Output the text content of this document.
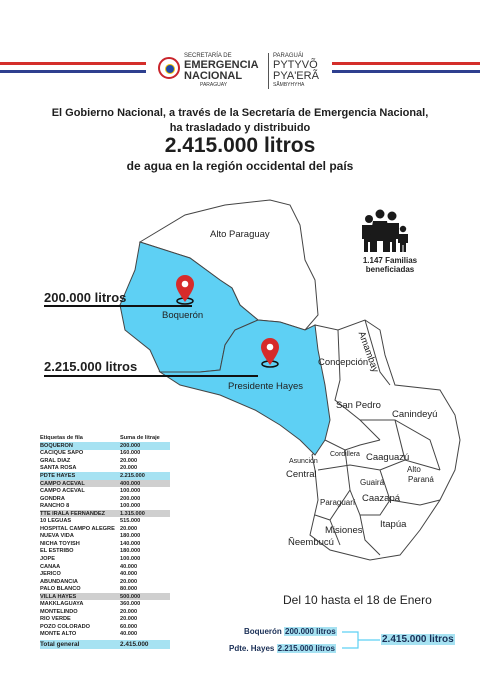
SECRETARÍA DE
EMERGENCIA
NACIONAL
PARAGUAY
PARAGUÁI
PYTYVÕ
PYA'ERÃ
SÃMBYHYHA
El Gobierno Nacional, a través de la Secretaría de Emergencia Nacional,
ha trasladado y distribuido
2.415.000 litros
de agua en la región occidental del país
Alto Paraguay
Boquerón
Presidente Hayes
Concepción
Amambay
San Pedro
Canindeyú
Asunción
Central
Cordillera Caaguazú
Alto
Paraná
Guairá
Caazapá
Paraguarí
Misiones
Itapúa
Ñeembucú
200.000 litros
2.215.000 litros
1.147 Familias
beneficiadas
Etiquetas de fila	Suma de litraje
BOQUERON	200.000
CACIQUE SAPO	160.000
GRAL DIAZ	20.000
SANTA ROSA	20.000
PDTE HAYES	2.215.000
CAMPO ACEVAL	400.000
CAMPO ACEVAL	100.000
GONDRA	200.000
RANCHO 8	100.000
TTE IRALA FERNANDEZ	1.315.000
10 LEGUAS	515.000
HOSPITAL CAMPO ALEGRE 20.000
NUEVA VIDA	180.000
NICHA TOYISH	140.000
EL ESTRIBO	180.000
JOPE	100.000
CANAA	40.000
JERICO	40.000
ABUNDANCIA	20.000
PALO BLANCO	80.000
VILLA HAYES	500.000
MAKKLAGUAYA	360.000
MONTELINDO	20.000
RIO VERDE	20.000
POZO COLORADO	60.000
MONTE ALTO	40.000
Total general	2.415.000
Del 10 hasta el 18 de Enero
Boquerón 200.000 litros
Pdte. Hayes 2.215.000 litros
2.415.000 litros
